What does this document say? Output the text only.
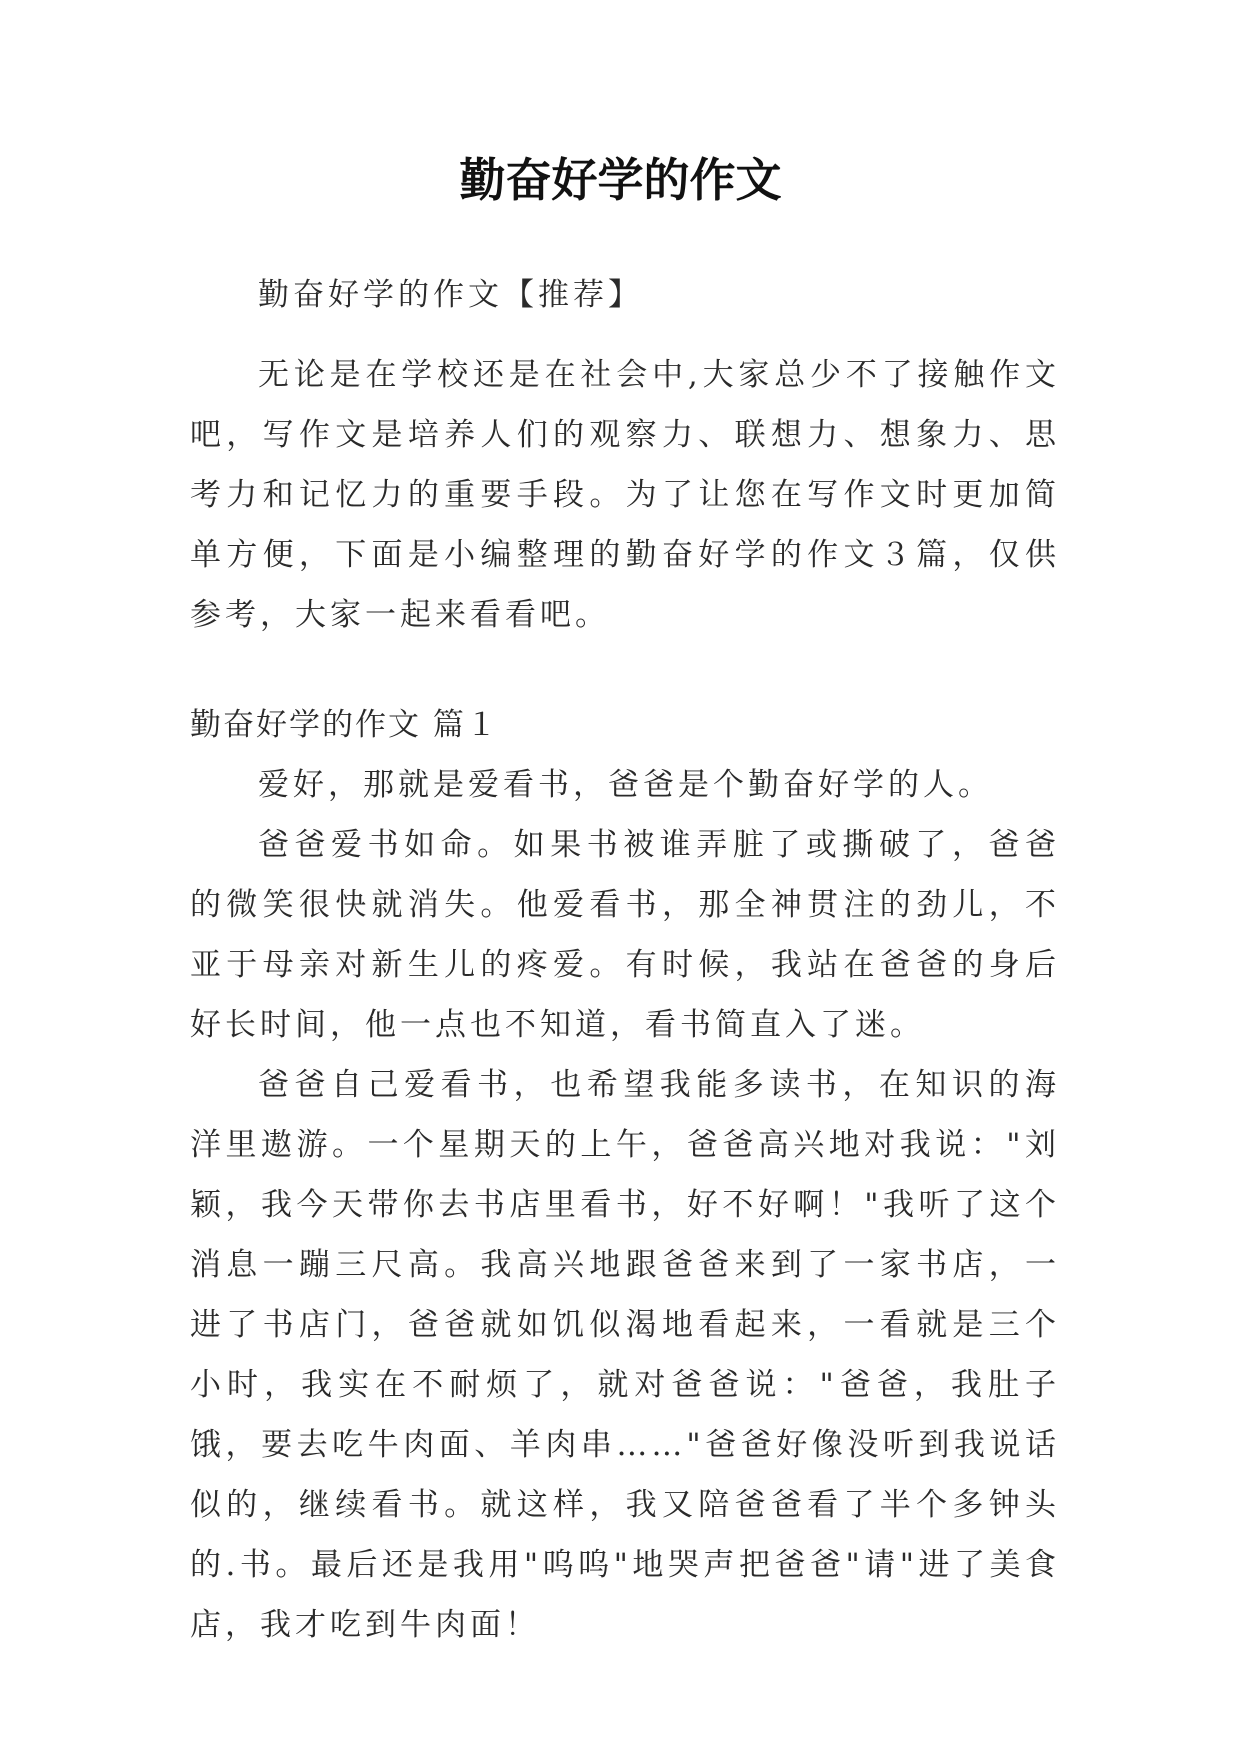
勤奋好学的作文

勤奋好学的作文【推荐】

无论是在学校还是在社会中,大家总少不了接触作文吧，写作文是培养人们的观察力、联想力、想象力、思考力和记忆力的重要手段。为了让您在写作文时更加简单方便，下面是小编整理的勤奋好学的作文３篇，仅供参考，大家一起来看看吧。

勤奋好学的作文 篇１

爱好，那就是爱看书，爸爸是个勤奋好学的人。

爸爸爱书如命。如果书被谁弄脏了或撕破了，爸爸的微笑很快就消失。他爱看书，那全神贯注的劲儿，不亚于母亲对新生儿的疼爱。有时候，我站在爸爸的身后好长时间，他一点也不知道，看书简直入了迷。

爸爸自己爱看书，也希望我能多读书，在知识的海洋里遨游。一个星期天的上午，爸爸高兴地对我说："刘颖，我今天带你去书店里看书，好不好啊！"我听了这个消息一蹦三尺高。我高兴地跟爸爸来到了一家书店，一进了书店门，爸爸就如饥似渴地看起来，一看就是三个小时，我实在不耐烦了，就对爸爸说："爸爸，我肚子饿，要去吃牛肉面、羊肉串……"爸爸好像没听到我说话似的，继续看书。就这样，我又陪爸爸看了半个多钟头的.书。最后还是我用"呜呜"地哭声把爸爸"请"进了美食店，我才吃到牛肉面！
